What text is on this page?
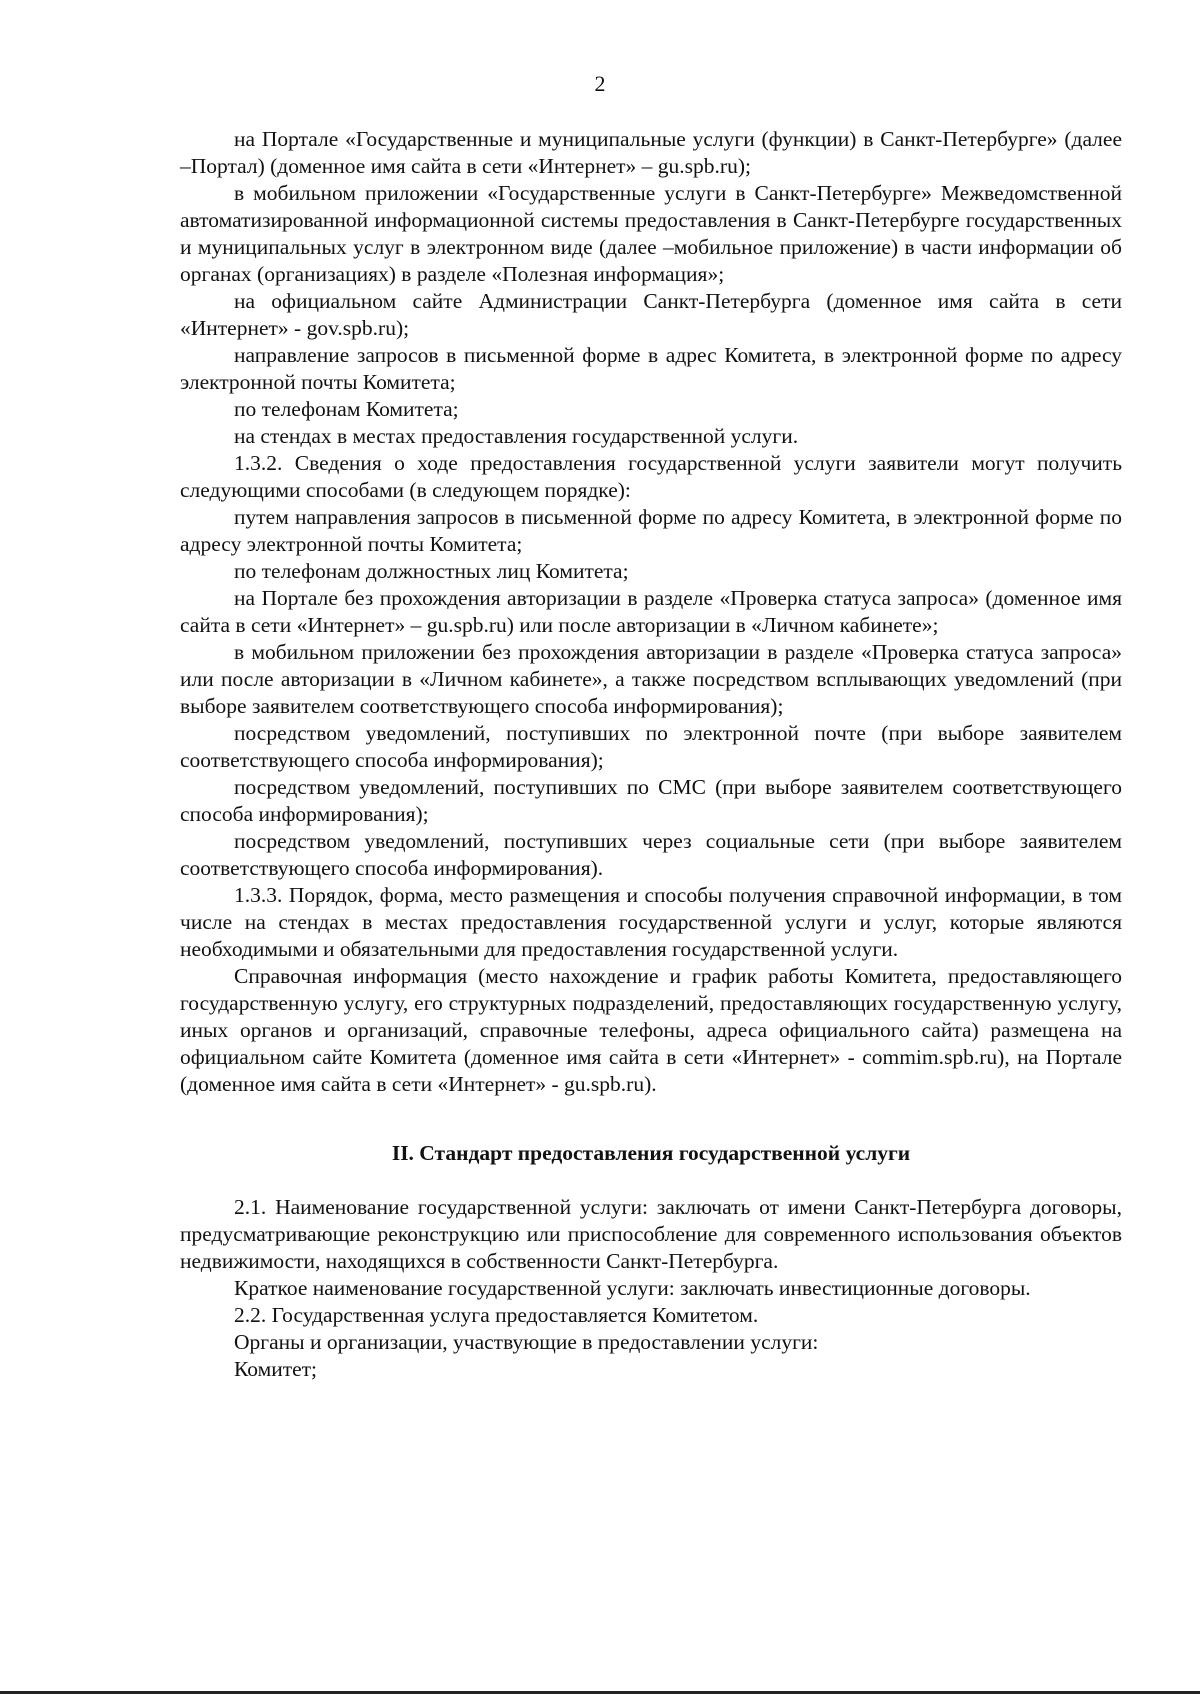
2

на Портале «Государственные и муниципальные услуги (функции) в Санкт-Петербурге» (далее –Портал) (доменное имя сайта в сети «Интернет» – gu.spb.ru);

в мобильном приложении «Государственные услуги в Санкт-Петербурге» Межведомственной автоматизированной информационной системы предоставления в Санкт-Петербурге государственных и муниципальных услуг в электронном виде (далее –мобильное приложение) в части информации об органах (организациях) в разделе «Полезная информация»;

на официальном сайте Администрации Санкт-Петербурга (доменное имя сайта в сети «Интернет» - gov.spb.ru);

направление запросов в письменной форме в адрес Комитета, в электронной форме по адресу электронной почты Комитета;

по телефонам Комитета;

на стендах в местах предоставления государственной услуги.

1.3.2. Сведения о ходе предоставления государственной услуги заявители могут получить следующими способами (в следующем порядке):

путем направления запросов в письменной форме по адресу Комитета, в электронной форме по адресу электронной почты Комитета;

по телефонам должностных лиц Комитета;

на Портале без прохождения авторизации в разделе «Проверка статуса запроса» (доменное имя сайта в сети «Интернет» – gu.spb.ru) или после авторизации в «Личном кабинете»;

в мобильном приложении без прохождения авторизации в разделе «Проверка статуса запроса» или после авторизации в «Личном кабинете», а также посредством всплывающих уведомлений (при выборе заявителем соответствующего способа информирования);

посредством уведомлений, поступивших по электронной почте (при выборе заявителем соответствующего способа информирования);

посредством уведомлений, поступивших по СМС (при выборе заявителем соответствующего способа информирования);

посредством уведомлений, поступивших через социальные сети (при выборе заявителем соответствующего способа информирования).

1.3.3. Порядок, форма, место размещения и способы получения справочной информации, в том числе на стендах в местах предоставления государственной услуги и услуг, которые являются необходимыми и обязательными для предоставления государственной услуги.

Справочная информация (место нахождение и график работы Комитета, предоставляющего государственную услугу, его структурных подразделений, предоставляющих государственную услугу, иных органов и организаций, справочные телефоны, адреса официального сайта) размещена на официальном сайте Комитета (доменное имя сайта в сети «Интернет» - commim.spb.ru), на Портале (доменное имя сайта в сети «Интернет» - gu.spb.ru).

II. Стандарт предоставления государственной услуги

2.1. Наименование государственной услуги: заключать от имени Санкт-Петербурга договоры, предусматривающие реконструкцию или приспособление для современного использования объектов недвижимости, находящихся в собственности Санкт-Петербурга.

Краткое наименование государственной услуги: заключать инвестиционные договоры.

2.2. Государственная услуга предоставляется Комитетом.

Органы и организации, участвующие в предоставлении услуги:

Комитет;
